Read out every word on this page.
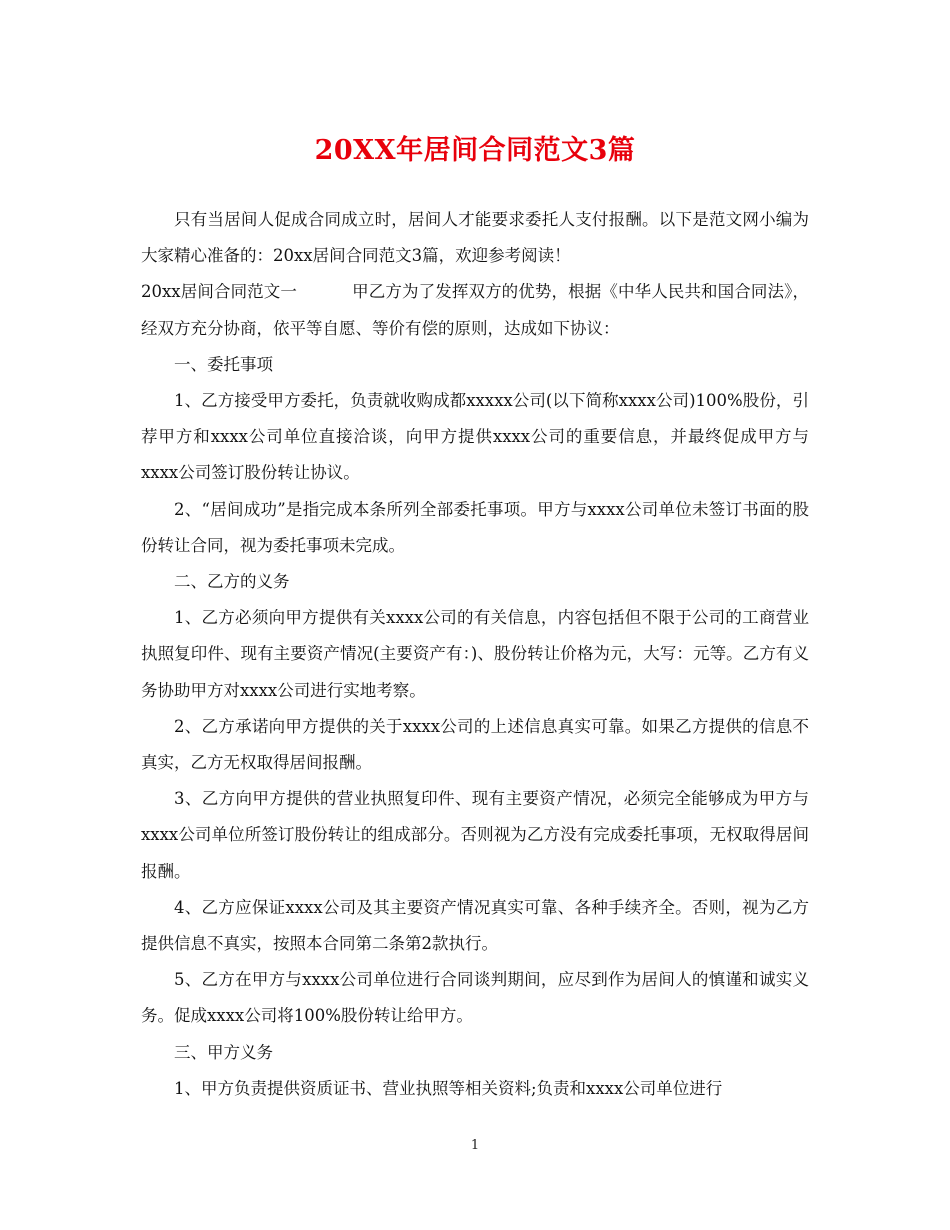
20XX年居间合同范文3篇

只有当居间人促成合同成立时，居间人才能要求委托人支付报酬。以下是范文网小编为大家精心准备的：20xx居间合同范文3篇，欢迎参考阅读！

20xx居间合同范文一	甲乙方为了发挥双方的优势，根据《中华人民共和国合同法》，经双方充分协商，依平等自愿、等价有偿的原则，达成如下协议：

一、委托事项

1、乙方接受甲方委托，负责就收购成都xxxxx公司(以下简称xxxx公司)100%股份，引荐甲方和xxxx公司单位直接洽谈，向甲方提供xxxx公司的重要信息，并最终促成甲方与xxxx公司签订股份转让协议。

2、“居间成功”是指完成本条所列全部委托事项。甲方与xxxx公司单位未签订书面的股份转让合同，视为委托事项未完成。

二、乙方的义务

1、乙方必须向甲方提供有关xxxx公司的有关信息，内容包括但不限于公司的工商营业执照复印件、现有主要资产情况(主要资产有：)、股份转让价格为元，大写：元等。乙方有义务协助甲方对xxxx公司进行实地考察。

2、乙方承诺向甲方提供的关于xxxx公司的上述信息真实可靠。如果乙方提供的信息不真实，乙方无权取得居间报酬。

3、乙方向甲方提供的营业执照复印件、现有主要资产情况，必须完全能够成为甲方与xxxx公司单位所签订股份转让的组成部分。否则视为乙方没有完成委托事项，无权取得居间报酬。

4、乙方应保证xxxx公司及其主要资产情况真实可靠、各种手续齐全。否则，视为乙方提供信息不真实，按照本合同第二条第2款执行。

5、乙方在甲方与xxxx公司单位进行合同谈判期间，应尽到作为居间人的慎谨和诚实义务。促成xxxx公司将100%股份转让给甲方。

三、甲方义务

1、甲方负责提供资质证书、营业执照等相关资料;负责和xxxx公司单位进行

1
